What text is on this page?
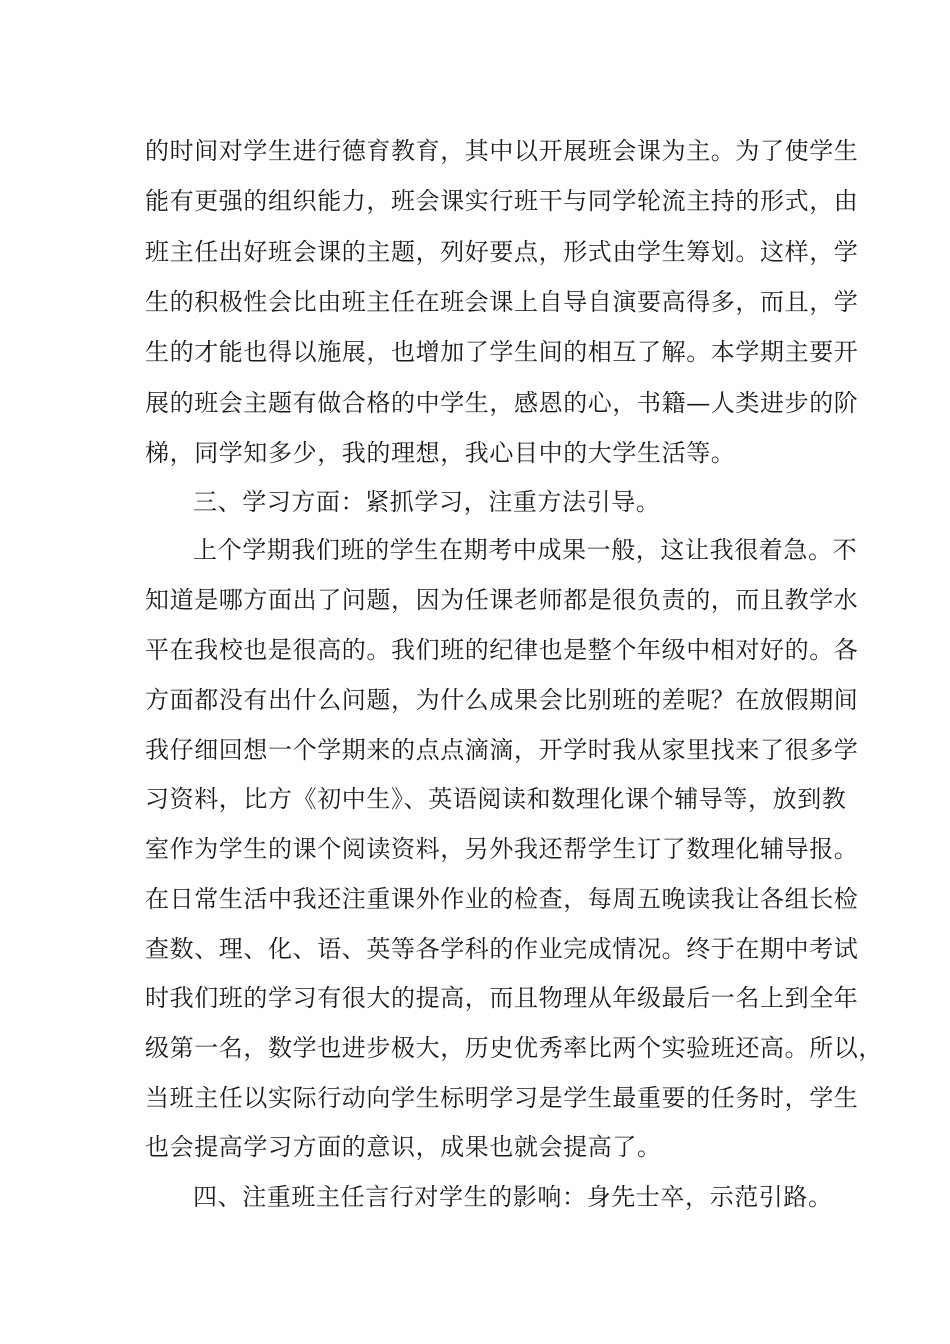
的时间对学生进行德育教育，其中以开展班会课为主。为了使学生
能有更强的组织能力，班会课实行班干与同学轮流主持的形式，由
班主任出好班会课的主题，列好要点，形式由学生筹划。这样，学
生的积极性会比由班主任在班会课上自导自演要高得多，而且，学
生的才能也得以施展，也增加了学生间的相互了解。本学期主要开
展的班会主题有做合格的中学生，感恩的心，书籍—人类进步的阶
梯，同学知多少，我的理想，我心目中的大学生活等。
三、学习方面：紧抓学习，注重方法引导。
上个学期我们班的学生在期考中成果一般，这让我很着急。不
知道是哪方面出了问题，因为任课老师都是很负责的，而且教学水
平在我校也是很高的。我们班的纪律也是整个年级中相对好的。各
方面都没有出什么问题，为什么成果会比别班的差呢？在放假期间
我仔细回想一个学期来的点点滴滴，开学时我从家里找来了很多学
习资料，比方《初中生》、英语阅读和数理化课个辅导等，放到教
室作为学生的课个阅读资料，另外我还帮学生订了数理化辅导报。
在日常生活中我还注重课外作业的检查，每周五晚读我让各组长检
查数、理、化、语、英等各学科的作业完成情况。终于在期中考试
时我们班的学习有很大的提高，而且物理从年级最后一名上到全年
级第一名，数学也进步极大，历史优秀率比两个实验班还高。所以，
当班主任以实际行动向学生标明学习是学生最重要的任务时，学生
也会提高学习方面的意识，成果也就会提高了。
四、注重班主任言行对学生的影响：身先士卒，示范引路。
